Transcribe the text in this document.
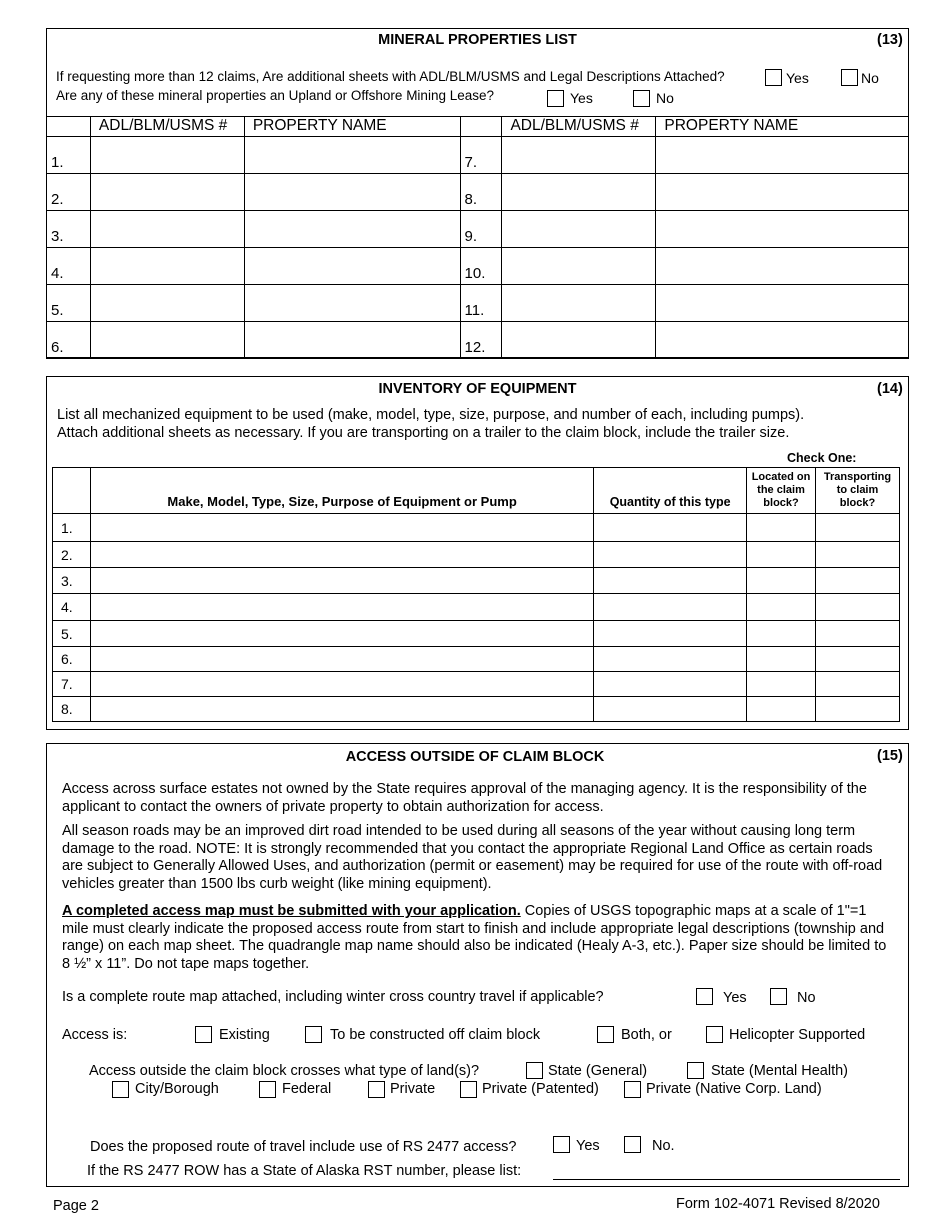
MINERAL PROPERTIES LIST	(13)
If requesting more than 12 claims, Are additional sheets with ADL/BLM/USMS and Legal Descriptions Attached?	Yes	No
Are any of these mineral properties an Upland or Offshore Mining Lease?	Yes	No
	ADL/BLM/USMS #	PROPERTY NAME		ADL/BLM/USMS #	PROPERTY NAME
1.			7.		
2.			8.		
3.			9.		
4.			10.		
5.			11.		
6.			12.		
INVENTORY OF EQUIPMENT	(14)
List all mechanized equipment to be used (make, model, type, size, purpose, and number of each, including pumps).
Attach additional sheets as necessary. If you are transporting on a trailer to the claim block, include the trailer size.
Check One:
	Make, Model, Type, Size, Purpose of Equipment or Pump	Quantity of this type	Located on
the claim
block?	Transporting
to claim
block?
1.				
2.				
3.				
4.				
5.				
6.				
7.				
8.				
ACCESS OUTSIDE OF CLAIM BLOCK	(15)
Access across surface estates not owned by the State requires approval of the managing agency. It is the responsibility of the applicant to contact the owners of private property to obtain authorization for access.
All season roads may be an improved dirt road intended to be used during all seasons of the year without causing long term damage to the road. NOTE: It is strongly recommended that you contact the appropriate Regional Land Office as certain roads are subject to Generally Allowed Uses, and authorization (permit or easement) may be required for use of the route with off-road vehicles greater than 1500 lbs curb weight (like mining equipment).
A completed access map must be submitted with your application. Copies of USGS topographic maps at a scale of 1"=1 mile must clearly indicate the proposed access route from start to finish and include appropriate legal descriptions (township and range) on each map sheet. The quadrangle map name should also be indicated (Healy A-3, etc.). Paper size should be limited to 8 ½” x 11”. Do not tape maps together.
Is a complete route map attached, including winter cross country travel if applicable?	Yes	No
Access is:	Existing	To be constructed off claim block	Both, or	Helicopter Supported
Access outside the claim block crosses what type of land(s)?	State (General)	State (Mental Health)
City/Borough	Federal	Private	Private (Patented)	Private (Native Corp. Land)
Does the proposed route of travel include use of RS 2477 access?	Yes	No.
If the RS 2477 ROW has a State of Alaska RST number, please list:
Page 2	Form 102-4071 Revised 8/2020
